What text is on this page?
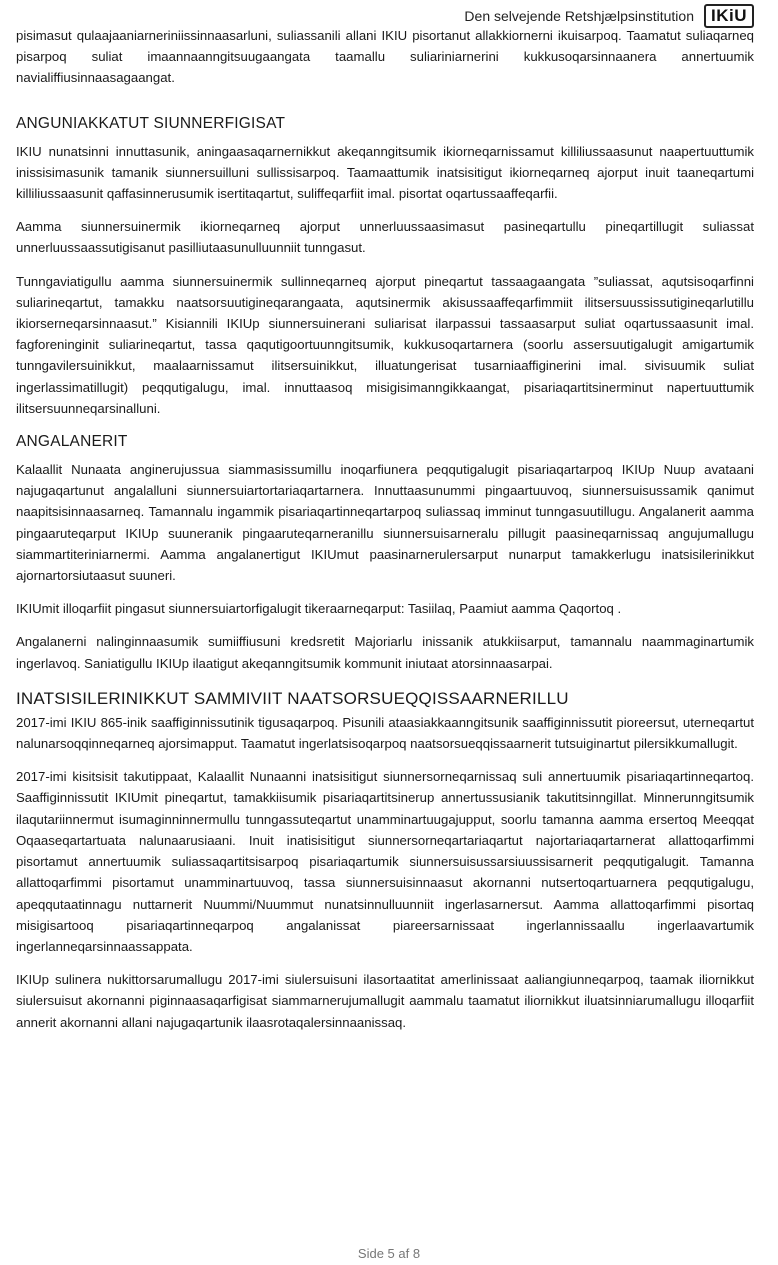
Den selvejende Retshjælpsinstitution	IKiU

pisimasut qulaajaaniarneriniissinnaasarluni, suliassanili allani IKIU pisortanut allakkiornerni ikuisarpoq. Taamatut suliaqarneq pisarpoq suliat imaannaanngitsuugaangata taamallu suliariniarnerini kukkusoqarsinnaanera annertuumik navialiffiusinnaasagaangat.

ANGUNIAKKATUT SIUNNERFIGISAT

IKIU nunatsinni innuttasunik, aningaasaqarnernikkut akeqanngitsumik ikiorneqarnissamut killiliussaasunut naapertuuttumik inissisimasunik tamanik siunnersuilluni sullissisarpoq. Taamaattumik inatsisitigut ikiorneqarneq ajorput inuit taaneqartumi killiliussaasunit qaffasinnerusumik isertitaqartut, suliffeqarfiit imal. pisortat oqartussaaffeqarfii.

Aamma siunnersuinermik ikiorneqarneq ajorput unnerluussaasimasut pasineqartullu pineqartillugit suliassat unnerluussaassutigisanut pasilliutaasunulluunniit tunngasut.

Tunngaviatigullu aamma siunnersuinermik sullinneqarneq ajorput pineqartut tassaagaangata ”suliassat, aqutsisoqarfinni suliarineqartut, tamakku naatsorsuutigineqarangaata, aqutsinermik akisussaaffeqarfimmiit ilitsersuussissutigineqarlutillu ikiorserneqarsinnaasut.” Kisiannili IKIUp siunnersuinerani suliarisat ilarpassui tassaasarput suliat oqartussaasunit imal. fagforeninginit suliarineqartut, tassa qaqutigoortuunngitsumik, kukkusoqartarnera (soorlu assersuutigalugit amigartumik tunngavilersuinikkut, maalaarnissamut ilitsersuinikkut, illuatungerisat tusarniaaffiginerini imal. sivisuumik suliat ingerlassimatillugit) peqqutigalugu, imal. innuttaasoq misigisimanngikkaangat, pisariaqartitsinerminut napertuuttumik ilitsersuunneqarsinalluni.

ANGALANERIT

Kalaallit Nunaata anginerujussua siammasissumillu inoqarfiunera peqqutigalugit pisariaqartarpoq IKIUp Nuup avataani najugaqartunut angalalluni siunnersuiartortariaqartarnera. Innuttaasunummi pingaartuuvoq, siunnersuisussamik qanimut naapitsisinnaasarneq. Tamannalu ingammik pisariaqartinneqartarpoq suliassaq imminut tunngasuutillugu. Angalanerit aamma pingaaruteqarput IKIUp suuneranik pingaaruteqarneranillu siunnersuisarneralu pillugit paasineqarnissaq angujumallugu siammartiteriniarnermi. Aamma angalanertigut IKIUmut paasinarnerulersarput nunarput tamakkerlugu inatsisilerinikkut ajornartorsiutaasut suuneri.

IKIUmit illoqarfiit pingasut siunnersuiartorfigalugit tikeraarneqarput: Tasiilaq, Paamiut aamma Qaqortoq .

Angalanerni nalinginnaasumik sumiiffiusuni kredsretit Majoriarlu inissanik atukkiisarput, tamannalu naammaginartumik ingerlavoq. Saniatigullu IKIUp ilaatigut akeqanngitsumik kommunit iniutaat atorsinnaasarpai.

INATSISILERINIKKUT SAMMIVIIT NAATSORSUEQQISSAARNERILLU

2017-imi IKIU 865-inik saaffiginnissutinik tigusaqarpoq. Pisunili ataasiakkaanngitsunik saaffiginnissutit pioreersut, uterneqartut nalunarsoqqinneqarneq ajorsimapput. Taamatut ingerlatsisoqarpoq naatsorsueqqissaarnerit tutsuiginartut pilersikkumallugit.

2017-imi kisitsisit takutippaat, Kalaallit Nunaanni inatsisitigut siunnersorneqarnissaq suli annertuumik pisariaqartinneqartoq. Saaffiginnissutit IKIUmit pineqartut, tamakkiisumik pisariaqartitsinerup annertussusianik takutitsinngillat. Minnerunngitsumik ilaqutariinnermut isumaginninnermullu tunngassuteqartut unamminartuugajupput, soorlu tamanna aamma ersertoq Meeqqat Oqaaseqartartuata nalunaarusiaani. Inuit inatisisitigut siunnersorneqartariaqartut najortariaqartarnerat allattoqarfimmi pisortamut annertuumik suliassaqartitsisarpoq pisariaqartumik siunnersuisussarsiuussisarnerit peqqutigalugit. Tamanna allattoqarfimmi pisortamut unamminartuuvoq, tassa siunnersuisinnaasut akornanni nutsertoqartuarnera peqqutigalugu, apeqqutaatinnagu nuttarnerit Nuummi/Nuummut nunatsinnulluunniit ingerlasarnersut. Aamma allattoqarfimmi pisortaq misigisartooq pisariaqartinneqarpoq angalanissat piareersarnissaat ingerlannissaallu ingerlaavartumik ingerlanneqarsinnaassappata.

IKIUp sulinera nukittorsarumallugu 2017-imi siulersuisuni ilasortaatitat amerlinissaat aaliangiunneqarpoq, taamak iliornikkut siulersuisut akornanni piginnaasaqarfigisat siammarnerujumallugit aammalu taamatut iliornikkut iluatsinniarumallugu illoqarfiit annerit akornanni allani najugaqartunik ilaasrotaqalersinnaanissaq.

Side 5 af 8
